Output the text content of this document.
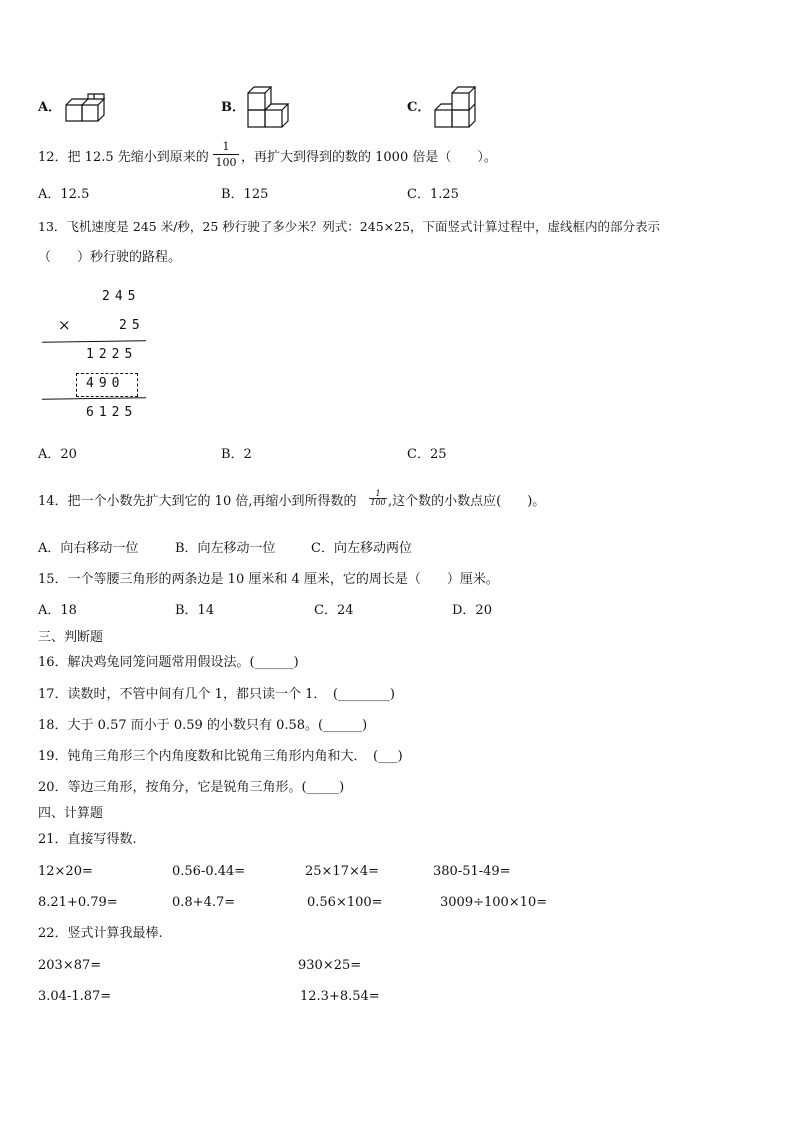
A．	B．	C．
12．把 12.5 先缩小到原来的
1
100 ，再扩大到得到的数的 1000 倍是（　　）。
A．12.5	B．125	C．1.25
13．飞机速度是 245 米/秒，25 秒行驶了多少米？列式：245×25，下面竖式计算过程中，虚线框内的部分表示
（　　）秒行驶的路程。
245
×	25
1225
490
6125
A．20	B．2	C．25
14．把一个小数先扩大到它的 10 倍,再缩小到所得数的
1
100 ,这个数的小数点应(　　)。
A．向右移动一位	B．向左移动一位	C．向左移动两位
15．一个等腰三角形的两条边是 10 厘米和 4 厘米，它的周长是（　　）厘米。
A．18	B．14	C．24	D．20
三、判断题
16．解决鸡兔同笼问题常用假设法。(______)
17．读数时，不管中间有几个 1，都只读一个 1．　(________)
18．大于 0.57 而小于 0.59 的小数只有 0.58。(______)
19．钝角三角形三个内角度数和比锐角三角形内角和大．　(___)
20．等边三角形，按角分，它是锐角三角形。(_____)
四、计算题
21．直接写得数.
12×20=	0.56-0.44=	25×17×4=	380-51-49=
8.21+0.79=	0.8+4.7=	0.56×100=	3009÷100×10=
22．竖式计算我最棒.
203×87=	930×25=
3.04-1.87=	12.3+8.54=
